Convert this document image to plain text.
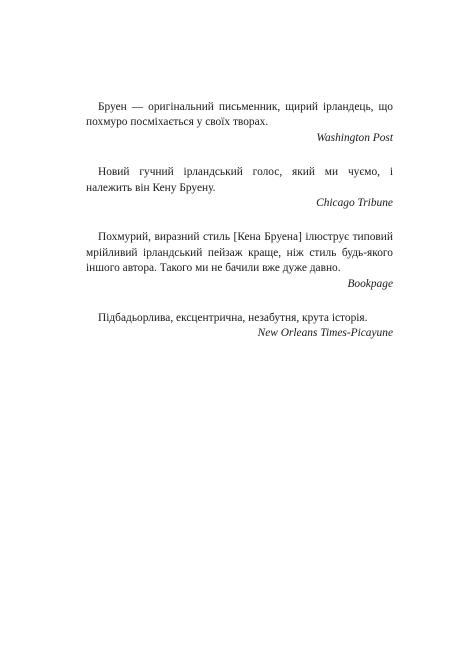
Бруен — оригінальний письменник, щирий ірландець, що похмуро посміхається у своїх творах.

Washington Post

Новий гучний ірландський голос, який ми чуємо, і належить він Кену Бруену.

Chicago Tribune

Похмурий, виразний стиль [Кена Бруена] ілюструє типовий мрійливий ірландський пейзаж краще, ніж стиль будь-якого іншого автора. Такого ми не бачили вже дуже давно.

Bookpage

Підбадьорлива, ексцентрична, незабутня, крута історія.

New Orleans Times-Picayune
